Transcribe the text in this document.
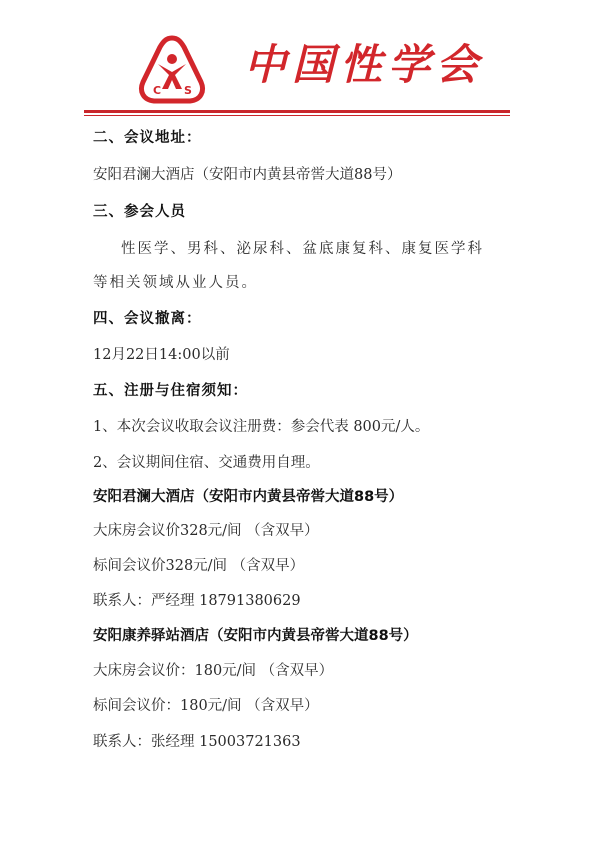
C S
中国性学会
二、会议地址：
安阳君澜大酒店（安阳市内黄县帝喾大道88号）
三、参会人员
性医学、男科、泌尿科、盆底康复科、康复医学科
等相关领域从业人员。
四、会议撤离：
12月22日14:00以前
五、注册与住宿须知：
1、本次会议收取会议注册费：参会代表 800元/人。
2、会议期间住宿、交通费用自理。
安阳君澜大酒店（安阳市内黄县帝喾大道88号）
大床房会议价328元/间 （含双早）
标间会议价328元/间 （含双早）
联系人：严经理 18791380629
安阳康养驿站酒店（安阳市内黄县帝喾大道88号）
大床房会议价：180元/间 （含双早）
标间会议价：180元/间 （含双早）
联系人：张经理 15003721363
